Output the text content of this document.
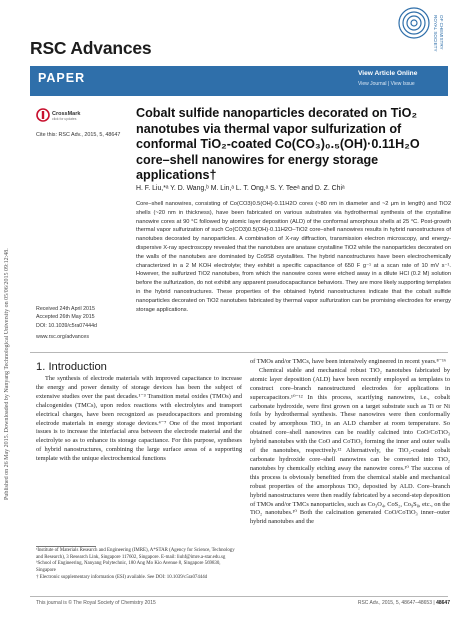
Published on 26 May 2015. Downloaded by Nanyang Technological University on 05/06/2015 09:12:48.
RSC Advances	ROYAL SOCIETY OF CHEMISTRY
PAPER	View Article Online
View Journal | View Issue
CrossMark
click for updates
Cite this: RSC Adv., 2015, 5, 48647
Cobalt sulfide nanoparticles decorated on TiO₂ nanotubes via thermal vapor sulfurization of conformal TiO₂-coated Co(CO₃)₀.₅(OH)·0.11H₂O core–shell nanowires for energy storage applications†
H. F. Liu,*ᵃ Y. D. Wang,ᵇ M. Lin,ᵃ L. T. Ong,ᵃ S. Y. Teeᵃ and D. Z. Chiᵃ
Core–shell nanowires, consisting of Co(CO3)0.5(OH)·0.11H2O cores (~80 nm in diameter and ~2 μm in length) and TiO2 shells (~20 nm in thickness), have been fabricated on various substrates via hydrothermal synthesis of the crystalline nanowire cores at 90 °C followed by atomic layer deposition (ALD) of the conformal amorphous shells at 25 °C. Post-growth thermal vapor sulfurization of such Co(CO3)0.5(OH)·0.11H2O–TiO2 core–shell nanowires results in hybrid nanostructures of nanotubes decorated by nanoparticles. A combination of X-ray diffraction, transmission electron microscopy, and energy-dispersive X-ray spectroscopy revealed that the nanotubes are anatase crystalline TiO2 while the nanoparticles decorated on the walls of the nanotubes are dominated by Co9S8 crystallites. The hybrid nanostructures have been electrochemically characterized in a 2 M KOH electrolyte; they exhibit a specific capacitance of 650 F g⁻¹ at a scan rate of 10 mV s⁻¹. However, the sulfurized TiO2 nanotubes, from which the nanowire cores were etched away in a dilute HCl (0.2 M) solution before the sulfurization, do not exhibit any apparent pseudocapacitance behaviors. They are more likely supporting templates in the hybrid nanostructures. These properties of the obtained hybrid nanostructures indicate that the cobalt sulfide nanoparticles decorated on TiO2 nanotubes fabricated by thermal vapor sulfurization can be promising electrodes for energy storage applications.
Received 24th April 2015
Accepted 26th May 2015
DOI: 10.1039/c5ra07444d
www.rsc.org/advances
1. Introduction

The synthesis of electrode materials with improved capacitance to increase the energy and power density of storage devices has been the subject of extensive studies over the past decades.¹⁻³ Transition metal oxides (TMOs) and chalcogenides (TMCs), upon redox reactions with electrolytes and transport electrical charges, have been recognized as pseudocapacitors and promising electrode materials in energy storage devices.⁴⁻⁷ One of the most important issues is to increase the interfacial area between the electrode material and the electrolyte so as to enhance its storage capacitance. For this purpose, syntheses of hybrid nanostructures, combining the large surface areas of a supporting template with the unique electrochemical functions

of TMOs and/or TMCs, have been intensively engineered in recent years.⁸⁻¹⁶

Chemical stable and mechanical robust TiO₂ nanotubes fabricated by atomic layer deposition (ALD) have been recently employed as templates to construct core–branch nanostructured electrodes for applications in supercapacitors.¹⁰⁻¹² In this process, scarifying nanowires, i.e., cobalt carbonate hydroxide, were first grown on a target substrate such as Ti or Ni foils by hydrothermal synthesis. These nanowires were then conformally coated by amorphous TiO₂ in an ALD chamber at room temperature. So obtained core–shell nanowires can be readily calcined into CoO/CoTiO₃ hybrid nanotubes with the CoO and CoTiO₃ forming the inner and outer walls of the nanotubes, respectively.¹² Alternatively, the TiO₂-coated cobalt carbonate hydroxide core–shell nanowires can be converted into TiO₂ nanotubes by chemically etching away the nanowire cores.¹⁰ The success of this process is obviously benefited from the chemical stable and mechanical robust properties of the amorphous TiO₂ deposited by ALD. Core–branch hybrid nanostructures were then readily fabricated by a second-step deposition of TMOs and/or TMCs nanoparticles, such as Co₃O₄, CoS₂, Co₉S₈, etc., on the TiO₂ nanotubes.¹⁰ Both the calcination generated CoO/CoTiO₃ inner–outer hybrid nanotubes and the

ᵃInstitute of Materials Research and Engineering (IMRE), A*STAR (Agency for Science, Technology and Research), 3 Research Link, Singapore 117602, Singapore. E-mail: liuhf@imre.a-star.edu.sg
ᵇSchool of Engineering, Nanyang Polytechnic, 180 Ang Mo Kio Avenue 8, Singapore 569830, Singapore
† Electronic supplementary information (ESI) available. See DOI: 10.1039/c5ra07444d
This journal is © The Royal Society of Chemistry 2015	RSC Adv., 2015, 5, 48647–48653 | 48647
